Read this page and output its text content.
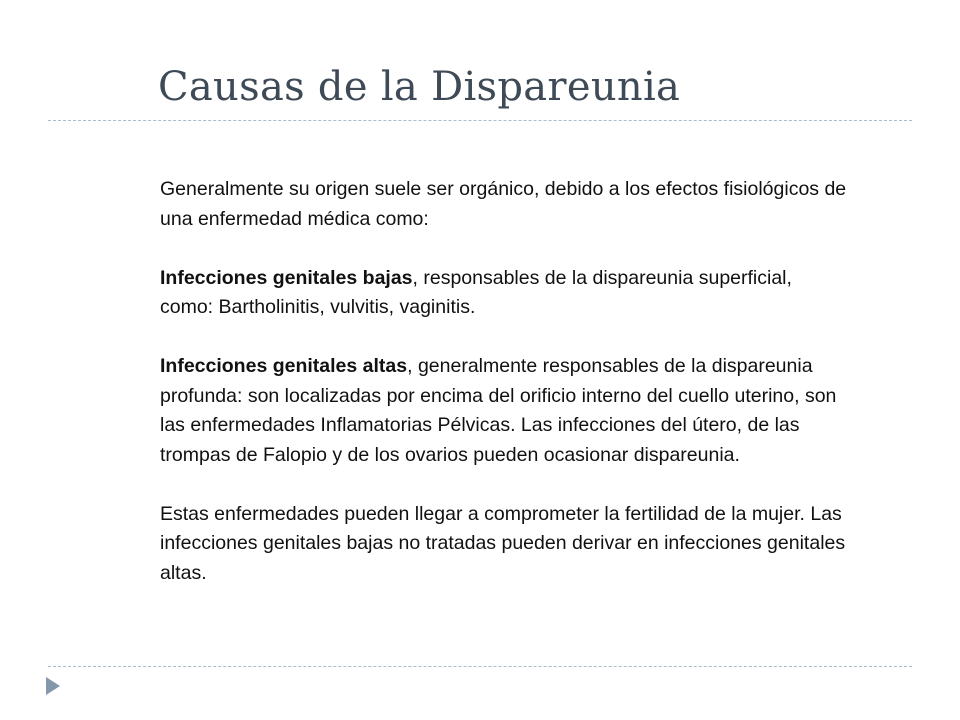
Causas de la Dispareunia

Generalmente su origen suele ser orgánico, debido a los efectos fisiológicos de una enfermedad médica como:

Infecciones genitales bajas, responsables de la dispareunia superficial, como: Bartholinitis, vulvitis, vaginitis.

Infecciones genitales altas, generalmente responsables de la dispareunia profunda: son localizadas por encima del orificio interno del cuello uterino, son las enfermedades Inflamatorias Pélvicas. Las infecciones del útero, de las trompas de Falopio y de los ovarios pueden ocasionar dispareunia.

Estas enfermedades pueden llegar a comprometer la fertilidad de la mujer. Las infecciones genitales bajas no tratadas pueden derivar en infecciones genitales altas.
